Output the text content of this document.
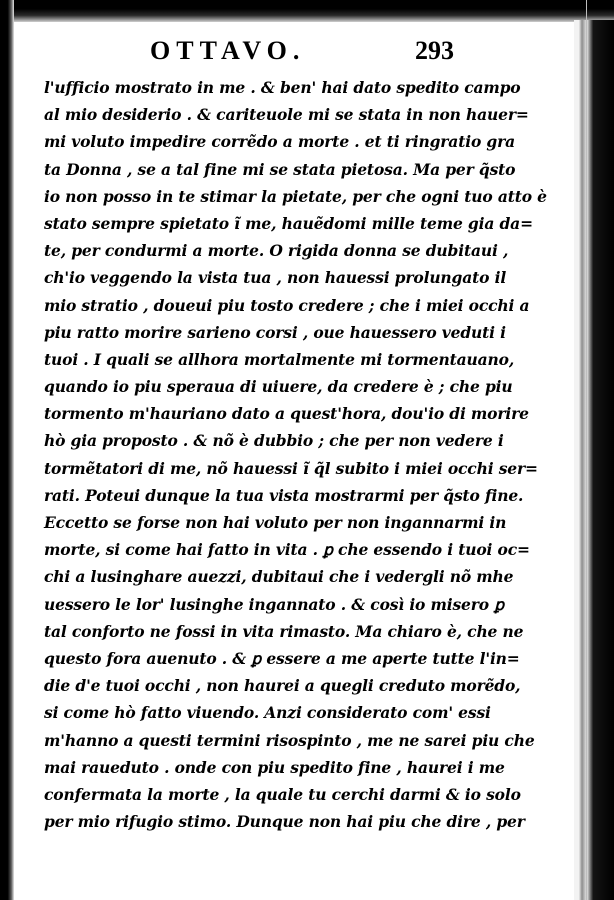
OTTAVO.	293
l'ufficio mostrato in me . & ben' hai dato spedito campo
al mio desiderio . & cariteuole mi se stata in non hauer=
mi voluto impedire corrẽdo a morte . et ti ringratio gra
ta Donna , se a tal fine mi se stata pietosa. Ma per q̃sto
io non posso in te stimar la pietate, per che ogni tuo atto è
stato sempre spietato ĩ me, hauẽdomi mille teme gia da=
te, per condurmi a morte. O rigida donna se dubitaui ,
ch'io veggendo la vista tua , non hauessi prolungato il
mio stratio , doueui piu tosto credere ; che i miei occhi a
piu ratto morire sarieno corsi , oue hauessero veduti i
tuoi . I quali se allhora mortalmente mi tormentauano,
quando io piu speraua di uiuere, da credere è ; che piu
tormento m'hauriano dato a quest'hora, dou'io di morire
hò gia proposto . & nõ è dubbio ; che per non vedere i
tormẽtatori di me, nõ hauessi ĩ q̃l subito i miei occhi ser=
rati. Poteui dunque la tua vista mostrarmi per q̃sto fine.
Eccetto se forse non hai voluto per non ingannarmi in
morte, si come hai fatto in vita . ꝑ che essendo i tuoi oc=
chi a lusinghare auezzi, dubitaui che i vedergli nõ mhe
uessero le lor' lusinghe ingannato . & così io misero ꝑ
tal conforto ne fossi in vita rimasto. Ma chiaro è, che ne
questo fora auenuto . & ꝑ essere a me aperte tutte l'in=
die d'e tuoi occhi , non haurei a quegli creduto morẽdo,
si come hò fatto viuendo. Anzi considerato com' essi
m'hanno a questi termini risospinto , me ne sarei piu che
mai raueduto . onde con piu spedito fine , haurei i me
confermata la morte , la quale tu cerchi darmi & io solo
per mio rifugio stimo. Dunque non hai piu che dire , per
